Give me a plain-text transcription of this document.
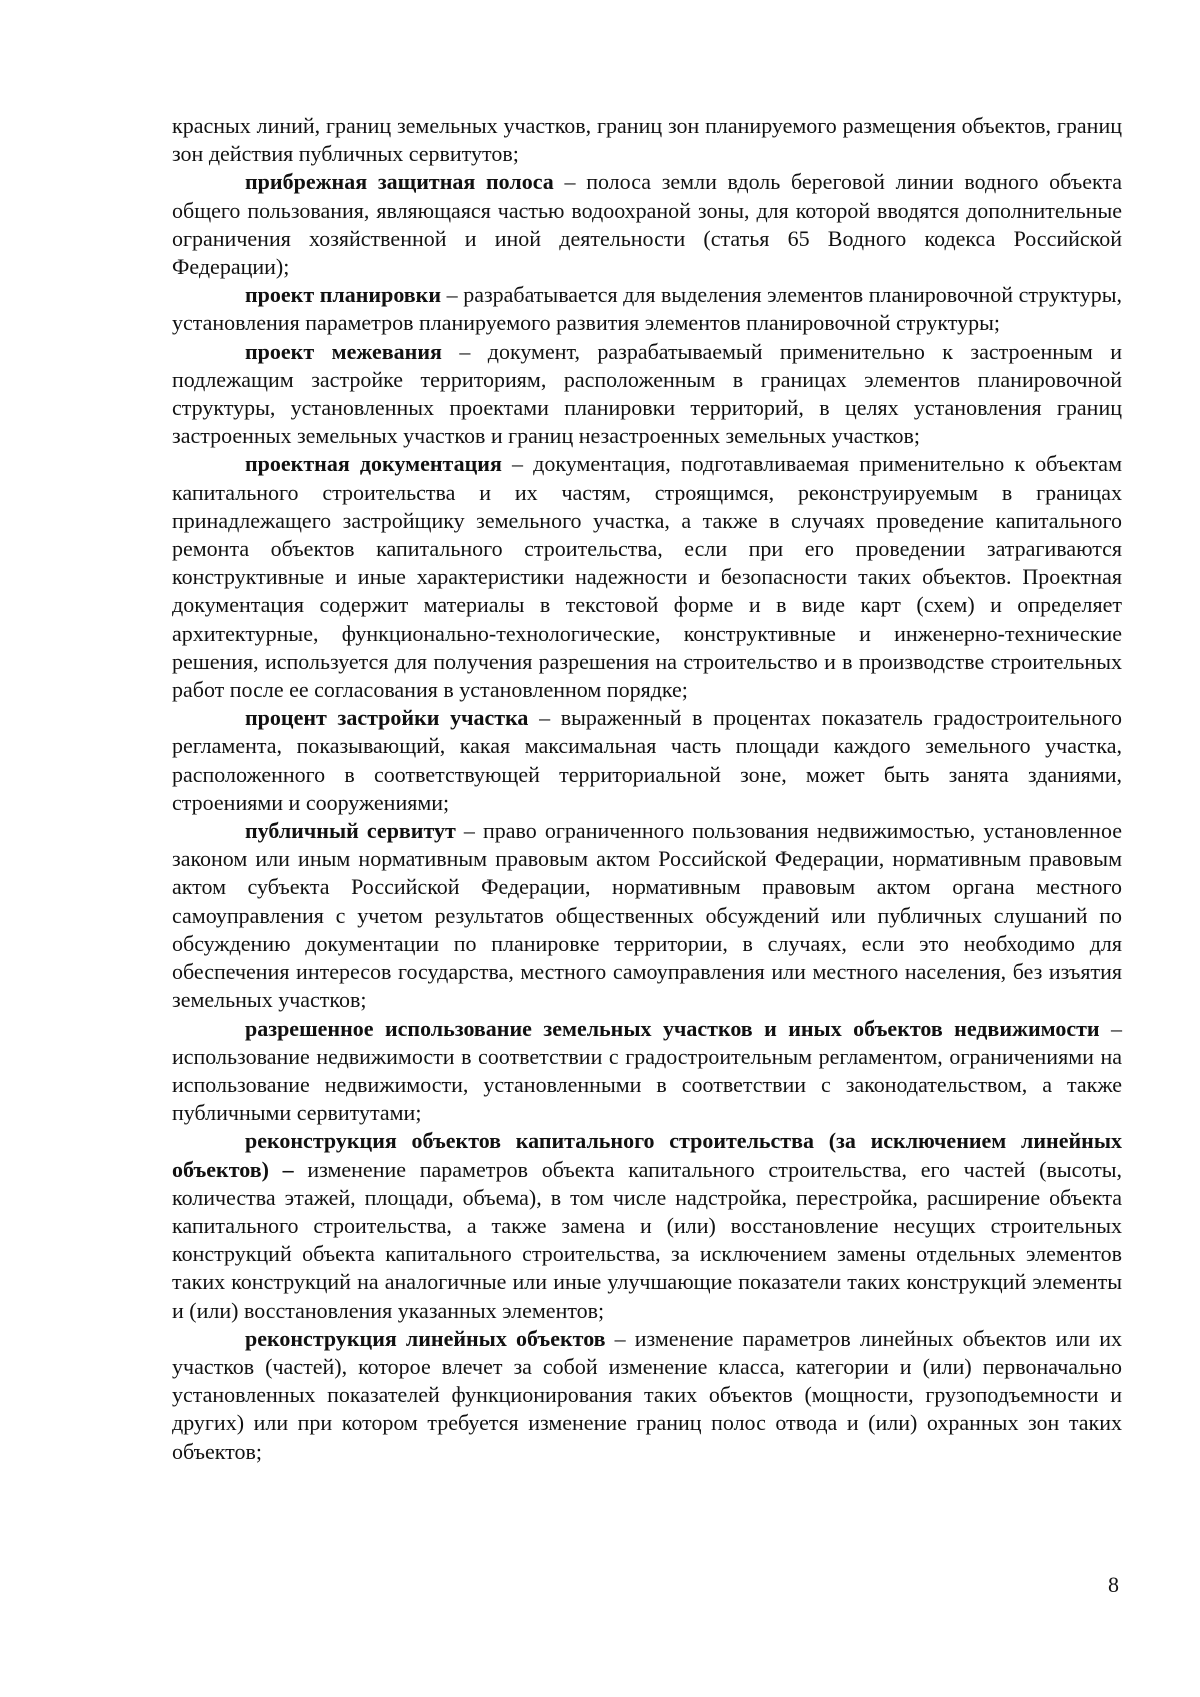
красных линий, границ земельных участков, границ зон планируемого размещения объектов, границ зон действия публичных сервитутов;

прибрежная защитная полоса – полоса земли вдоль береговой линии водного объекта общего пользования, являющаяся частью водоохраной зоны, для которой вводятся дополнительные ограничения хозяйственной и иной деятельности (статья 65 Водного кодекса Российской Федерации);

проект планировки – разрабатывается для выделения элементов планировочной структуры, установления параметров планируемого развития элементов планировочной структуры;

проект межевания – документ, разрабатываемый применительно к застроенным и подлежащим застройке территориям, расположенным в границах элементов планировочной структуры, установленных проектами планировки территорий, в целях установления границ застроенных земельных участков и границ незастроенных земельных участков;

проектная документация – документация, подготавливаемая применительно к объектам капитального строительства и их частям, строящимся, реконструируемым в границах принадлежащего застройщику земельного участка, а также в случаях проведение капитального ремонта объектов капитального строительства, если при его проведении затрагиваются конструктивные и иные характеристики надежности и безопасности таких объектов. Проектная документация содержит материалы в текстовой форме и в виде карт (схем) и определяет архитектурные, функционально-технологические, конструктивные и инженерно-технические решения, используется для получения разрешения на строительство и в производстве строительных работ после ее согласования в установленном порядке;

процент застройки участка – выраженный в процентах показатель градостроительного регламента, показывающий, какая максимальная часть площади каждого земельного участка, расположенного в соответствующей территориальной зоне, может быть занята зданиями, строениями и сооружениями;

публичный сервитут – право ограниченного пользования недвижимостью, установленное законом или иным нормативным правовым актом Российской Федерации, нормативным правовым актом субъекта Российской Федерации, нормативным правовым актом органа местного самоуправления с учетом результатов общественных обсуждений или публичных слушаний по обсуждению документации по планировке территории, в случаях, если это необходимо для обеспечения интересов государства, местного самоуправления или местного населения, без изъятия земельных участков;

разрешенное использование земельных участков и иных объектов недвижимости – использование недвижимости в соответствии с градостроительным регламентом, ограничениями на использование недвижимости, установленными в соответствии с законодательством, а также публичными сервитутами;

реконструкция объектов капитального строительства (за исключением линейных объектов) – изменение параметров объекта капитального строительства, его частей (высоты, количества этажей, площади, объема), в том числе надстройка, перестройка, расширение объекта капитального строительства, а также замена и (или) восстановление несущих строительных конструкций объекта капитального строительства, за исключением замены отдельных элементов таких конструкций на аналогичные или иные улучшающие показатели таких конструкций элементы и (или) восстановления указанных элементов;

реконструкция линейных объектов – изменение параметров линейных объектов или их участков (частей), которое влечет за собой изменение класса, категории и (или) первоначально установленных показателей функционирования таких объектов (мощности, грузоподъемности и других) или при котором требуется изменение границ полос отвода и (или) охранных зон таких объектов;

8
